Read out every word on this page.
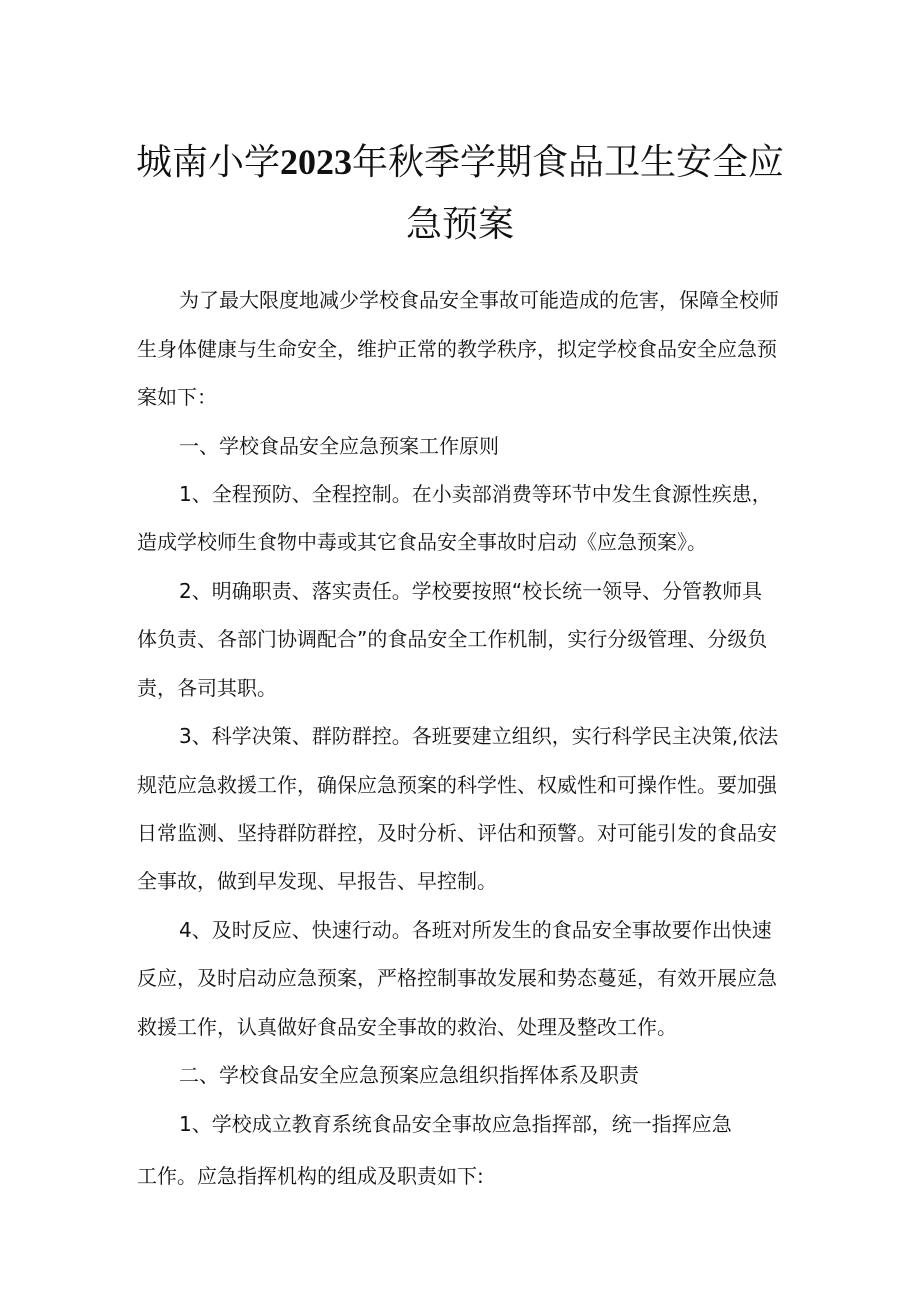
城南小学2023年秋季学期食品卫生安全应
急预案
为了最大限度地减少学校食品安全事故可能造成的危害，保障全校师
生身体健康与生命安全，维护正常的教学秩序，拟定学校食品安全应急预
案如下：
一、学校食品安全应急预案工作原则
1、全程预防、全程控制。在小卖部消费等环节中发生食源性疾患，
造成学校师生食物中毒或其它食品安全事故时启动《应急预案》。
2、明确职责、落实责任。学校要按照“校长统一领导、分管教师具
体负责、各部门协调配合”的食品安全工作机制，实行分级管理、分级负
责，各司其职。
3、科学决策、群防群控。各班要建立组织，实行科学民主决策,依法
规范应急救援工作，确保应急预案的科学性、权威性和可操作性。要加强
日常监测、坚持群防群控，及时分析、评估和预警。对可能引发的食品安
全事故，做到早发现、早报告、早控制。
4、及时反应、快速行动。各班对所发生的食品安全事故要作出快速
反应，及时启动应急预案，严格控制事故发展和势态蔓延，有效开展应急
救援工作，认真做好食品安全事故的救治、处理及整改工作。
二、学校食品安全应急预案应急组织指挥体系及职责
1、学校成立教育系统食品安全事故应急指挥部，统一指挥应急
工作。应急指挥机构的组成及职责如下:
